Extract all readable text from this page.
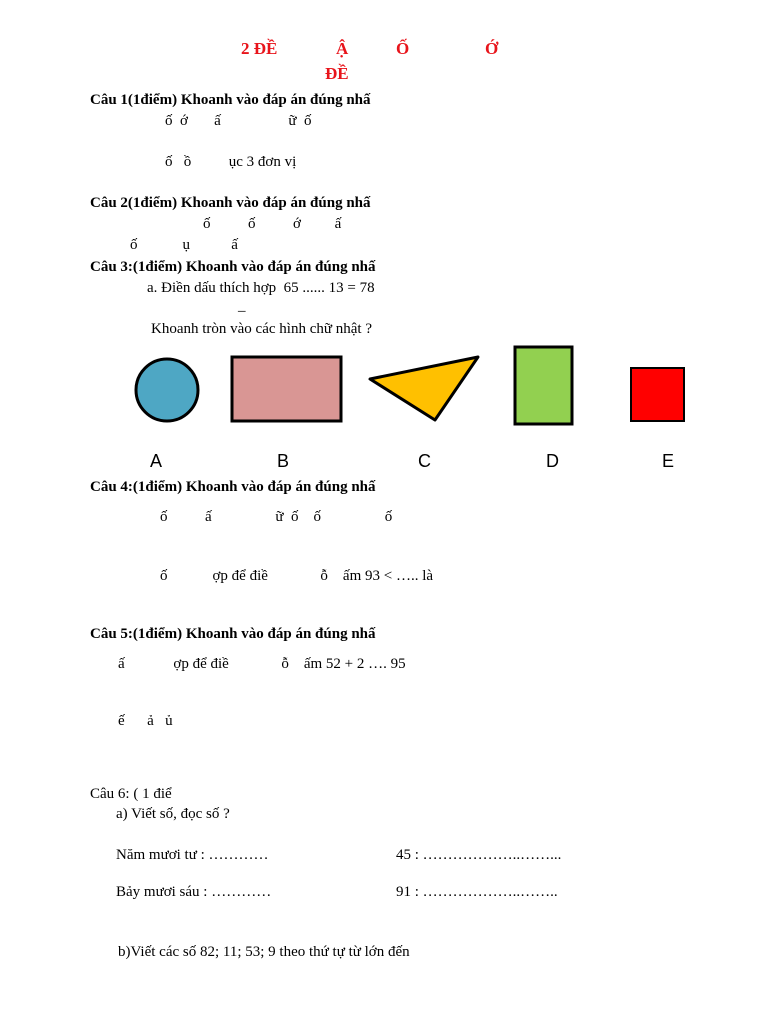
2 ĐỀ	Ậ	Ố	Ớ
ĐỀ
Câu 1(1điểm) Khoanh vào đáp án đúng nhấ
ố  ớ       ấ                  ữ  ố
ố   ồ          ục 3 đơn vị
Câu 2(1điểm) Khoanh vào đáp án đúng nhấ
ố          ố          ớ         ấ
ố            ụ           ấ
Câu 3:(1điểm) Khoanh vào đáp án đúng nhấ
a. Điền dấu thích hợp  65 ...... 13 = 78
_
Khoanh tròn vào các hình chữ nhật ?
A	B	C	D	E
Câu 4:(1điểm) Khoanh vào đáp án đúng nhấ
ố          ấ                 ữ  ố    ố                 ố
ố            ợp để điề              ỗ    ấm 93 < ….. là
Câu 5:(1điểm) Khoanh vào đáp án đúng nhấ
ấ             ợp để điề              ỗ    ấm 52 + 2 …. 95
ế      ả   ủ
Câu 6: ( 1 điể
a) Viết số, đọc số ?
Năm mươi tư : …………	45 : ………………..……...
Bảy mươi sáu : …………	91 : ………………..……..
b)Viết các số 82; 11; 53; 9 theo thứ tự từ lớn đến
